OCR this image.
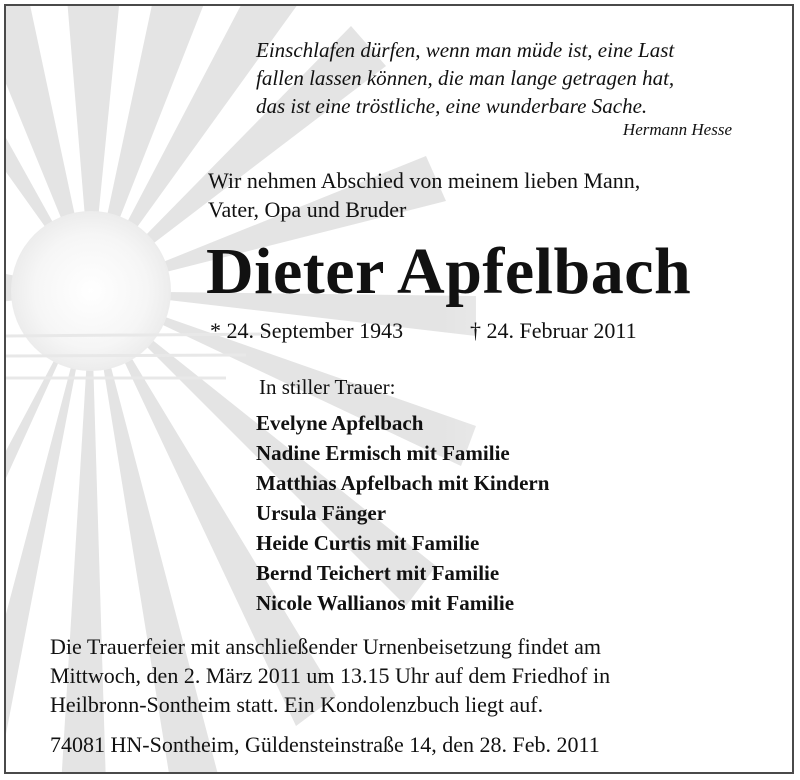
Einschlafen dürfen, wenn man müde ist, eine Last
fallen lassen können, die man lange getragen hat,
das ist eine tröstliche, eine wunderbare Sache.
Hermann Hesse
Wir nehmen Abschied von meinem lieben Mann,
Vater, Opa und Bruder
Dieter Apfelbach
* 24. September 1943	† 24. Februar 2011
In stiller Trauer:
Evelyne Apfelbach
Nadine Ermisch mit Familie
Matthias Apfelbach mit Kindern
Ursula Fänger
Heide Curtis mit Familie
Bernd Teichert mit Familie
Nicole Wallianos mit Familie
Die Trauerfeier mit anschließender Urnenbeisetzung findet am
Mittwoch, den 2. März 2011 um 13.15 Uhr auf dem Friedhof in
Heilbronn-Sontheim statt. Ein Kondolenzbuch liegt auf.
74081 HN-Sontheim, Güldensteinstraße 14, den 28. Feb. 2011
